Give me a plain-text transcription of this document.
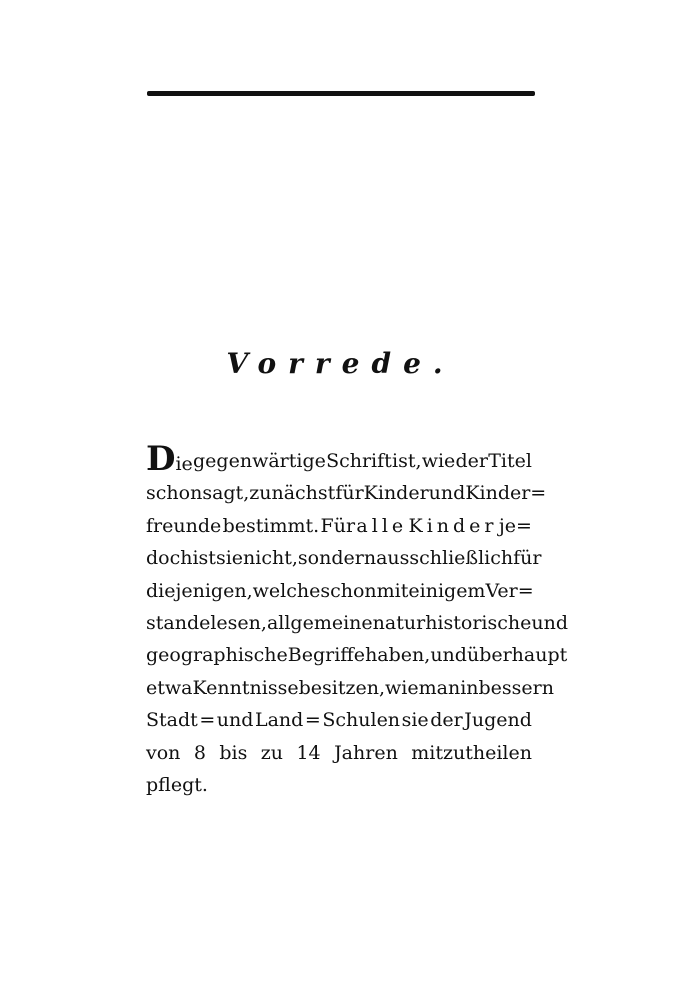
Vorrede.
Die gegenwärtige Schrift ist, wie der Titel
schon sagt, zunächst für Kinder und Kinder=
freunde bestimmt. Für alle Kinder je=
doch ist sie nicht, sondern ausschließlich für
diejenigen, welche schon mit einigem Ver=
stande lesen, allgemeine naturhistorische und
geographische Begriffe haben, und überhaupt
etwa Kenntnisse besitzen, wie man in bessern
Stadt = und Land = Schulen sie der Jugend
von 8 bis zu 14 Jahren mitzutheilen
pflegt.
